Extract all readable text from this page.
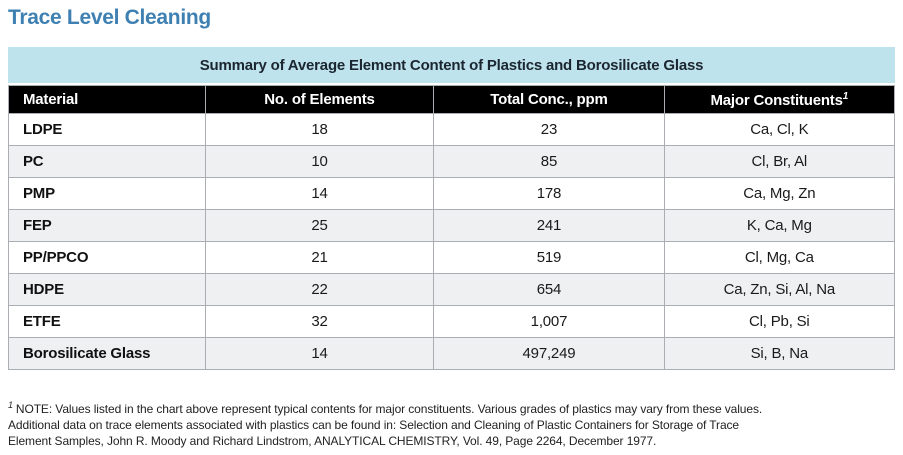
Trace Level Cleaning
Summary of Average Element Content of Plastics and Borosilicate Glass
Material	No. of Elements	Total Conc., ppm	Major Constituents$^1$
LDPE	18	23	Ca, Cl, K
PC	10	85	Cl, Br, Al
PMP	14	178	Ca, Mg, Zn
FEP	25	241	K, Ca, Mg
PP/PPCO	21	519	Cl, Mg, Ca
HDPE	22	654	Ca, Zn, Si, Al, Na
ETFE	32	1,007	Cl, Pb, Si
Borosilicate Glass	14	497,249	Si, B, Na
$^1$ NOTE: Values listed in the chart above represent typical contents for major constituents. Various grades of plastics may vary from these values.
Additional data on trace elements associated with plastics can be found in: Selection and Cleaning of Plastic Containers for Storage of Trace
Element Samples, John R. Moody and Richard Lindstrom, ANALYTICAL CHEMISTRY, Vol. 49, Page 2264, December 1977.
